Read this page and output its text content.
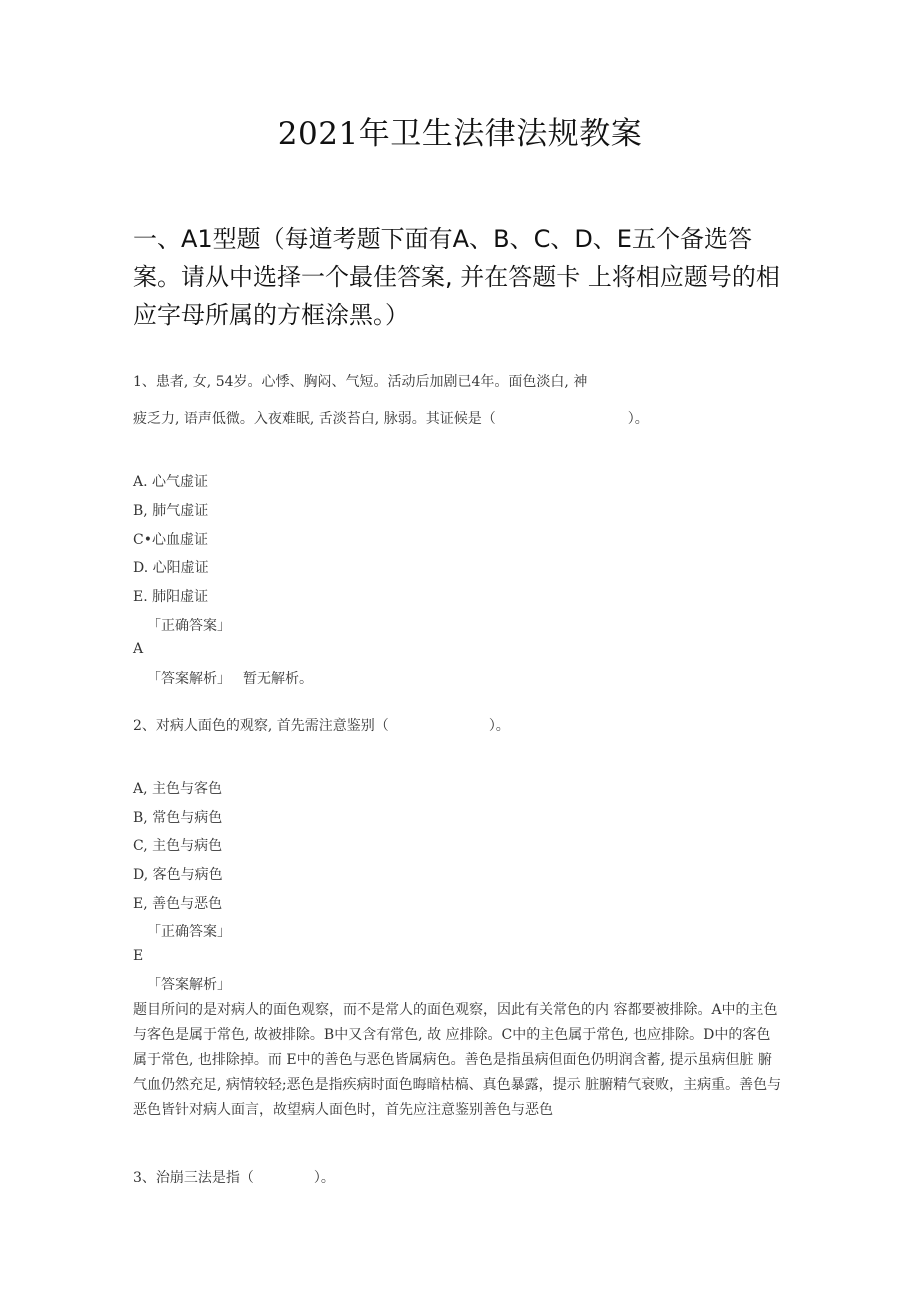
2021年卫生法律法规教案
一、A1型题（每道考题下面有A、B、C、D、E五个备选答案。请从中选择一个最佳答案, 并在答题卡 上将相应题号的相应字母所属的方框涂黑。）
1、患者, 女, 54岁。心悸、胸闷、气短。活动后加剧已4年。面色淡白, 神
疲乏力, 语声低微。入夜难眠, 舌淡苔白, 脉弱。其证候是（	）。
A. 心气虚证
B, 肺气虚证
C•心血虚证
D. 心阳虚证
E. 肺阳虚证
「正确答案」
A
「答案解析」 暂无解析。
2、对病人面色的观察, 首先需注意鉴别（	）。
A, 主色与客色
B, 常色与病色
C, 主色与病色
D, 客色与病色
E, 善色与恶色
「正确答案」
E
「答案解析」
题目所问的是对病人的面色观察，而不是常人的面色观察，因此有关常色的内 容都要被排除。A中的主色与客色是属于常色, 故被排除。B中又含有常色, 故 应排除。C中的主色属于常色, 也应排除。D中的客色属于常色, 也排除掉。而 E中的善色与恶色皆属病色。善色是指虽病但面色仍明润含蓄, 提示虽病但脏 腑气血仍然充足, 病情较轻;恶色是指疾病时面色晦暗枯槁、真色暴露，提示 脏腑精气衰败，主病重。善色与恶色皆针对病人面言，故望病人面色时，首先应注意鉴别善色与恶色
3、治崩三法是指（	）。
